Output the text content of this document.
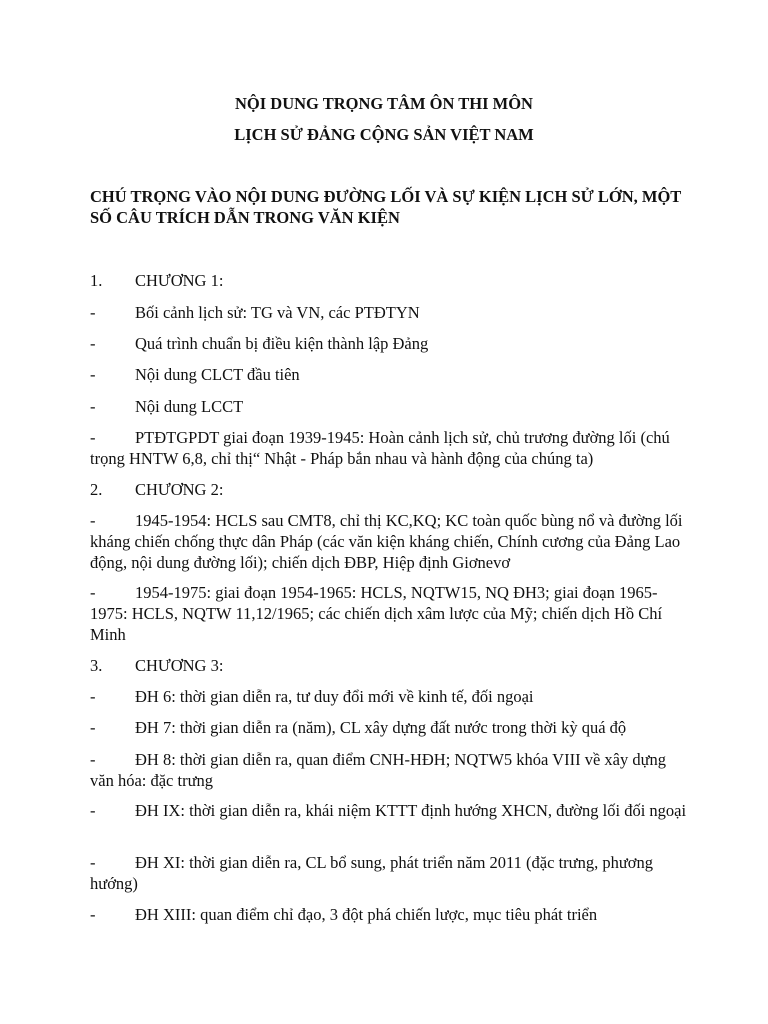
NỘI DUNG TRỌNG TÂM ÔN THI MÔN
LỊCH SỬ ĐẢNG CỘNG SẢN VIỆT NAM
CHÚ TRỌNG VÀO NỘI DUNG ĐƯỜNG LỐI VÀ SỰ KIỆN LỊCH SỬ LỚN, MỘT SỐ CÂU TRÍCH DẪN TRONG VĂN KIỆN
1. CHƯƠNG 1:
- Bối cảnh lịch sử: TG và VN, các PTĐTYN
- Quá trình chuẩn bị điều kiện thành lập Đảng
- Nội dung CLCT đầu tiên
- Nội dung LCCT
- PTĐTGPDT giai đoạn 1939-1945: Hoàn cảnh lịch sử, chủ trương đường lối (chú trọng HNTW 6,8, chỉ thị“ Nhật - Pháp bắn nhau và hành động của chúng ta)
2. CHƯƠNG 2:
- 1945-1954: HCLS sau CMT8, chỉ thị KC,KQ; KC toàn quốc bùng nổ và đường lối kháng chiến chống thực dân Pháp (các văn kiện kháng chiến, Chính cương của Đảng Lao động, nội dung đường lối); chiến dịch ĐBP, Hiệp định Giơnevơ
- 1954-1975: giai đoạn 1954-1965: HCLS, NQTW15, NQ ĐH3; giai đoạn 1965-1975: HCLS, NQTW 11,12/1965; các chiến dịch xâm lược của Mỹ; chiến dịch Hồ Chí Minh
3. CHƯƠNG 3:
- ĐH 6: thời gian diễn ra, tư duy đổi mới về kinh tế, đối ngoại
- ĐH 7: thời gian diễn ra (năm), CL xây dựng đất nước trong thời kỳ quá độ
- ĐH 8: thời gian diễn ra, quan điểm CNH-HĐH; NQTW5 khóa VIII về xây dựng văn hóa: đặc trưng
- ĐH IX: thời gian diễn ra, khái niệm KTTT định hướng XHCN, đường lối đối ngoại
- ĐH XI: thời gian diễn ra, CL bổ sung, phát triển năm 2011 (đặc trưng, phương hướng)
- ĐH XIII: quan điểm chỉ đạo, 3 đột phá chiến lược, mục tiêu phát triển
